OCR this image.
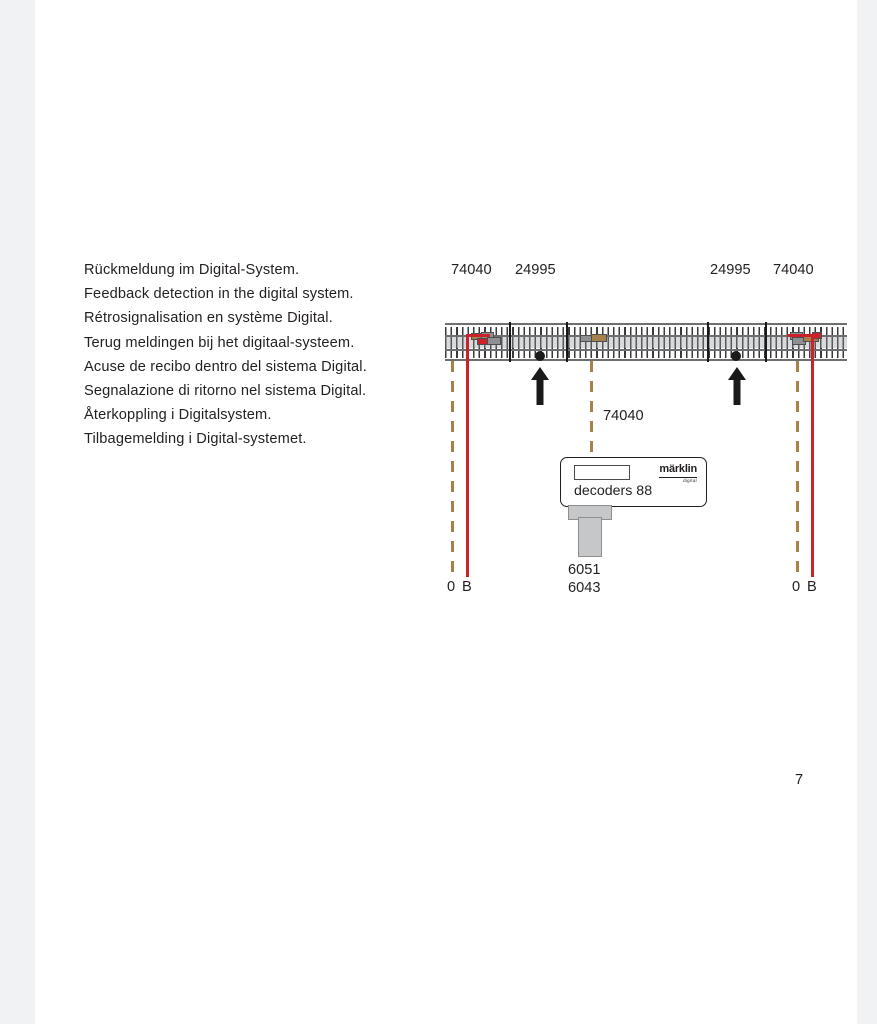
Rückmeldung im Digital-System.
Feedback detection in the digital system.
Rétrosignalisation en système Digital.
Terug meldingen bij het digitaal-systeem.
Acuse de recibo dentro del sistema Digital.
Segnalazione di ritorno nel sistema Digital.
Återkoppling i Digitalsystem.
Tilbagemelding i Digital-systemet.
74040 24995	24995 74040
74040
märklin
digital
decoders 88
6051
6043
0 B	0 B
7
